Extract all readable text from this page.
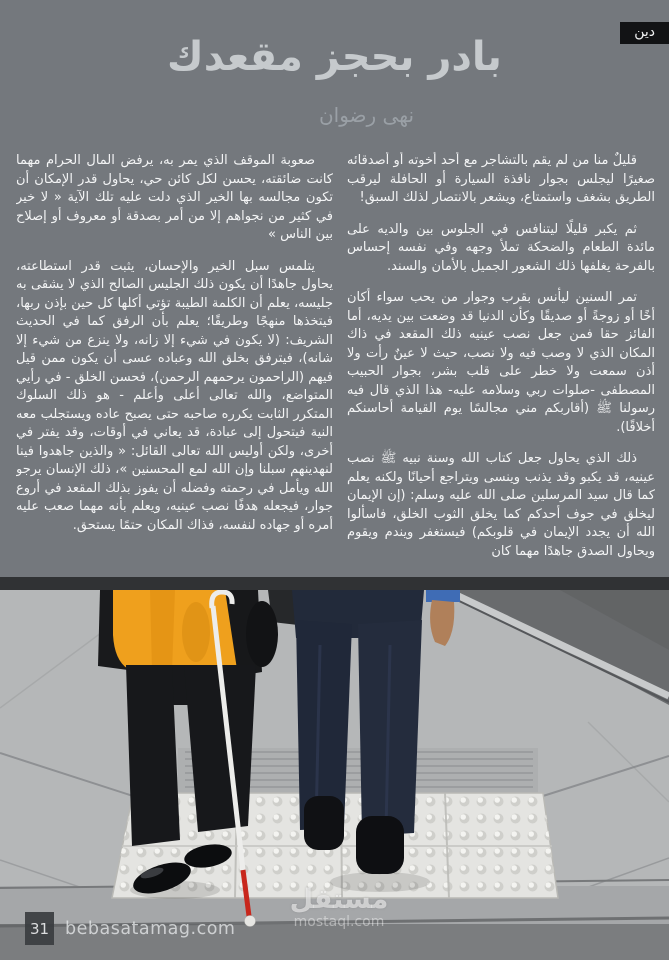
دين
بادر بحجز مقعدك
نهى رضوان

قليلٌ منا من لم يقم بالتشاجر مع أحد أخوته أو أصدقائه صغيرًا ليجلس بجوار نافذة السيارة أو الحافلة ليرقب الطريق بشغف واستمتاع، ويشعر بالانتصار لذلك السبق!

ثم يكبر قليلًا ليتنافس في الجلوس بين والديه على مائدة الطعام والضحكة تملأ وجهه وفي نفسه إحساس بالفرحة يغلفها ذلك الشعور الجميل بالأمان والسند.

تمر السنين ليأنس بقرب وجوار من يحب سواء أكان أخًا أو زوجةً أو صديقًا وكأن الدنيا قد وضعت بين يديه، أما الفائز حقا فمن جعل نصب عينيه ذلك المقعد في ذاك المكان الذي لا وصب فيه ولا نصب، حيث لا عينٌ رأت ولا أذن سمعت ولا خطر على قلب بشر، بجوار الحبيب المصطفى -صلوات ربي وسلامه عليه- هذا الذي قال فيه رسولنا ﷺ (أقاربكم مني مجالسًا يوم القيامة أحاسنكم أخلاقًا).

ذلك الذي يحاول جعل كتاب الله وسنة نبيه ﷺ نصب عينيه، قد يكبو وقد يذنب وينسى ويتراجع أحيانًا ولكنه يعلم كما قال سيد المرسلين صلى الله عليه وسلم: (إن الإيمان ليخلق في جوف أحدكم كما يخلق الثوب الخلق، فاسألوا الله أن يجدد الإيمان في قلوبكم) فيستغفر ويندم ويقوم ويحاول الصدق جاهدًا مهما كان

صعوبة الموقف الذي يمر به، يرفض المال الحرام مهما كانت ضائقته، يحسن لكل كائن حي، يحاول قدر الإمكان أن تكون مجالسه بها الخير الذي دلت عليه تلك الآية « لا خير في كثير من نجواهم إلا من أمر بصدقة أو معروف أو إصلاح بين الناس »

يتلمس سبل الخير والإحسان، يثبت قدر استطاعته، يحاول جاهدًا أن يكون ذلك الجليس الصالح الذي لا يشقى به جليسه، يعلم أن الكلمة الطيبة تؤتي أكلها كل حين بإذن ربها، فيتخذها منهجًا وطريقًا؛ يعلم بأن الرفق كما في الحديث الشريف: (لا يكون في شيء إلا زانه، ولا ينزع من شيء إلا شانه)، فيترفق بخلق الله وعباده عسى أن يكون ممن قيل فيهم (الراحمون يرحمهم الرحمن)، فحسن الخلق - في رأيي المتواضع، والله تعالى أعلى وأعلم - هو ذلك السلوك المتكرر الثابت يكرره صاحبه حتى يصبح عاده ويستجلب معه النية فيتحول إلى عبادة، قد يعاني في أوقات، وقد يفتر في أخرى، ولكن أوليس الله تعالى القائل: « والذين جاهدوا فينا لنهدينهم سبلنا وإن الله لمع المحسنين »، ذلك الإنسان يرجو الله ويأمل في رحمته وفضله أن يفوز بذلك المقعد في أروع جوار، فيجعله هدفًا نصب عينيه، ويعلم بأنه مهما صعب عليه أمره أو جهاده لنفسه، فذاك المكان حتمًا يستحق.

مستقل
mostaql.com
31 bebasatamag.com
